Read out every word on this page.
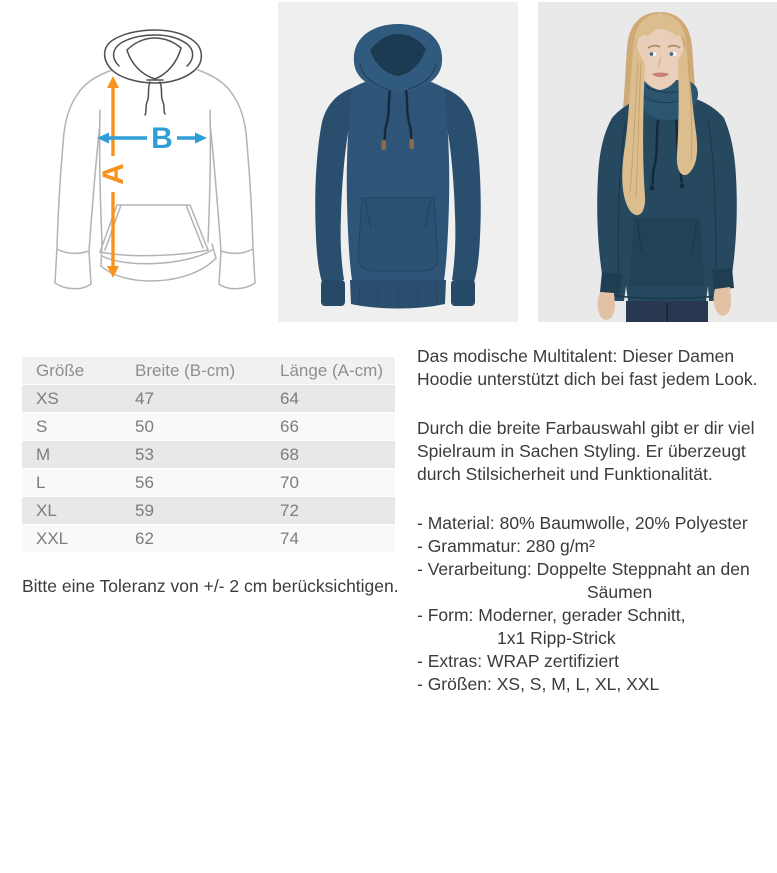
A
B
Größe	Breite (B-cm)	Länge (A-cm)
XS	47	64
S	50	66
M	53	68
L	56	70
XL	59	72
XXL	62	74
Bitte eine Toleranz von +/- 2 cm berücksichtigen.
Das modische Multitalent: Dieser Damen
Hoodie unterstützt dich bei fast jedem Look.
Durch die breite Farbauswahl gibt er dir viel
Spielraum in Sachen Styling. Er überzeugt
durch Stilsicherheit und Funktionalität.
- Material: 80% Baumwolle, 20% Polyester
- Grammatur: 280 g/m²
- Verarbeitung: Doppelte Steppnaht an den
Säumen
- Form: Moderner, gerader Schnitt,
1x1 Ripp-Strick
- Extras: WRAP zertifiziert
- Größen: XS, S, M, L, XL, XXL
